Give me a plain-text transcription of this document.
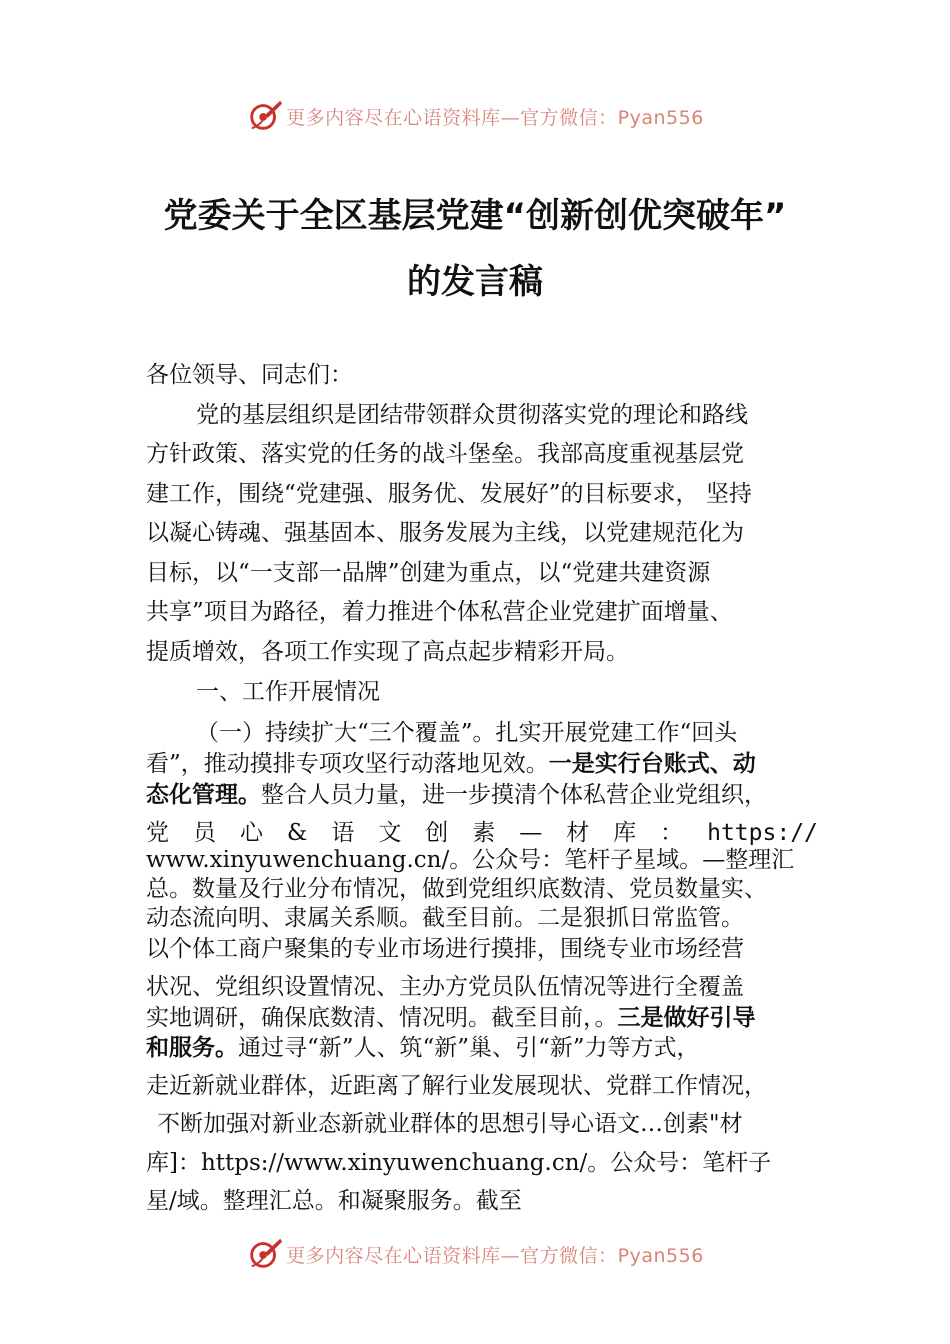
更多内容尽在心语资料库—官方微信：Pyan556
党委关于全区基层党建“创新创优突破年”
的发言稿
各位领导、同志们：
党的基层组织是团结带领群众贯彻落实党的理论和路线
方针政策、落实党的任务的战斗堡垒。我部高度重视基层党
建工作，围绕“党建强、服务优、发展好”的目标要求， 坚持
以凝心铸魂、强基固本、服务发展为主线，以党建规范化为
目标，以“一支部一品牌”创建为重点，以“党建共建资源
共享”项目为路径，着力推进个体私营企业党建扩面增量、
提质增效，各项工作实现了高点起步精彩开局。
一、工作开展情况
（一）持续扩大“三个覆盖”。扎实开展党建工作“回头
看”，推动摸排专项攻坚行动落地见效。一是实行台账式、动
态化管理。整合人员力量，进一步摸清个体私营企业党组织，
党 员 心 & 语 文 创 素 — 材 库 ： https://
www.xinyuwenchuang.cn/。公众号：笔杆子星域。—整理汇
总。数量及行业分布情况，做到党组织底数清、党员数量实、
动态流向明、隶属关系顺。截至目前。二是狠抓日常监管。
以个体工商户聚集的专业市场进行摸排，围绕专业市场经营
状况、党组织设置情况、主办方党员队伍情况等进行全覆盖
实地调研，确保底数清、情况明。截至目前，。三是做好引导
和服务。通过寻“新”人、筑“新”巢、引“新”力等方式，
走近新就业群体，近距离了解行业发展现状、党群工作情况，
不断加强对新业态新就业群体的思想引导心语文…创素"材
库]：https://www.xinyuwenchuang.cn/。公众号：笔杆子
星/域。整理汇总。和凝聚服务。截至
更多内容尽在心语资料库—官方微信：Pyan556
